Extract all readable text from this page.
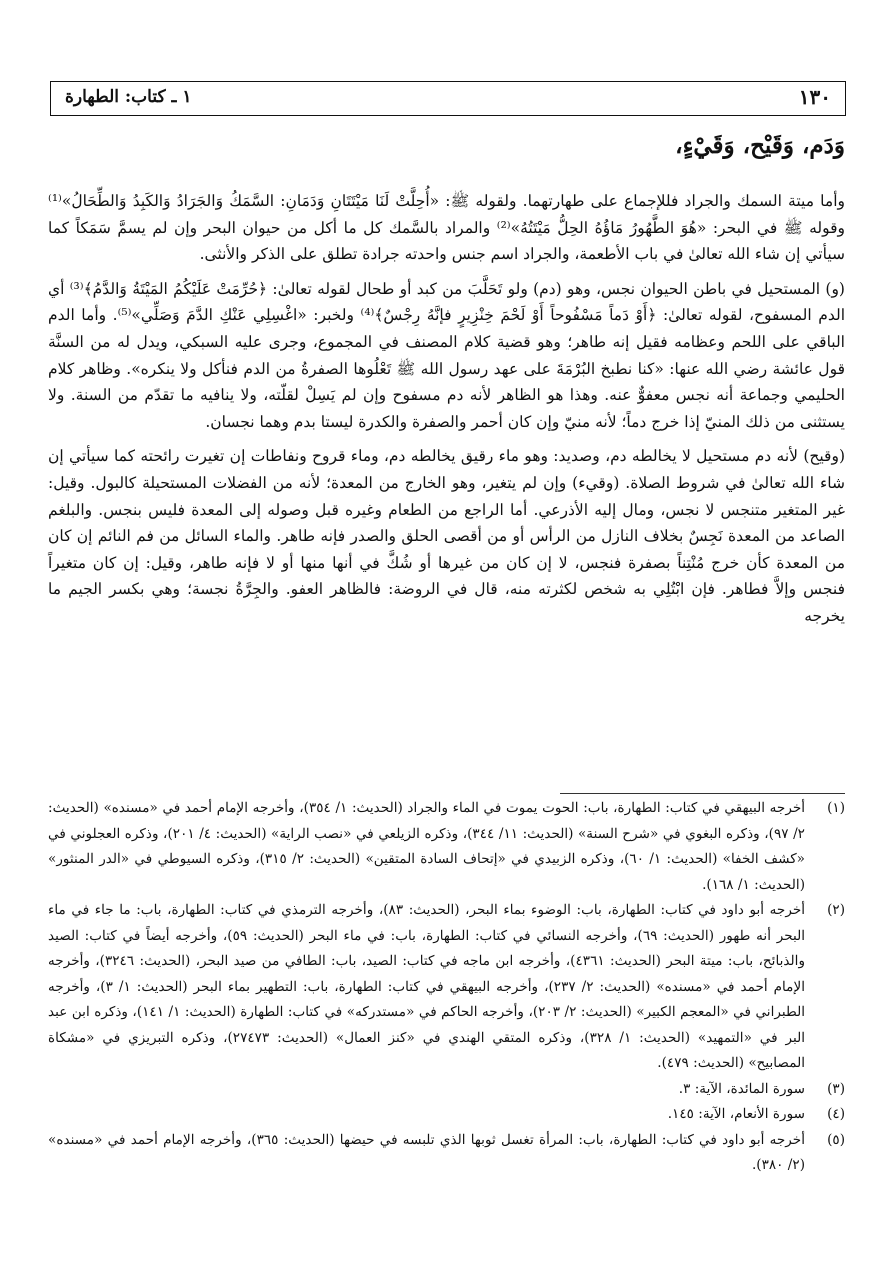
١٣٠
١ ـ كتاب: الطهارة
وَدَم، وَقَيْح، وَقَيْءٍ،

وأما ميتة السمك والجراد فللإجماع على طهارتهما. ولقوله ﷺ: «أُحِلَّتْ لَنَا مَيْتَتَانِ وَدَمَانِ: السَّمَكُ وَالجَرَادُ وَالكَبِدُ وَالطِّحَالُ»⁽¹⁾ وقوله ﷺ في البحر: «هُوَ الطَّهُورُ مَاؤُهُ الحِلُّ مَيْتَتُهُ»⁽²⁾ والمراد بالسَّمك كل ما أكل من حيوان البحر وإن لم يسمَّ سَمَكاً كما سيأتي إن شاء الله تعالىٰ في باب الأطعمة، والجراد اسم جنس واحدته جرادة تطلق على الذكر والأنثى.

(و) المستحيل في باطن الحيوان نجس، وهو (دم) ولو تَحَلَّبَ من كبد أو طحال لقوله تعالىٰ: ﴿حُرِّمَتْ عَلَيْكُمُ المَيْتَةُ وَالدَّمُ﴾⁽³⁾ أي الدم المسفوح، لقوله تعالىٰ: ﴿أَوْ دَماً مَسْفُوحاً أَوْ لَحْمَ خِنْزِيرٍ فإنَّهُ رِجْسٌ﴾⁽⁴⁾ ولخبر: «اغْسِلِي عَنْكِ الدَّمَ وَصَلِّي»⁽⁵⁾. وأما الدم الباقي على اللحم وعظامه فقيل إنه طاهر؛ وهو قضية كلام المصنف في المجموع، وجرى عليه السبكي، ويدل له من السنَّة قول عائشة رضي الله عنها: «كنا نطبخ البُرْمَةَ على عهد رسول الله ﷺ تَعْلُوها الصفرةُ من الدم فنأكل ولا ينكره». وظاهر كلام الحليمي وجماعة أنه نجس معفوٌّ عنه. وهذا هو الظاهر لأنه دم مسفوح وإن لم يَسِلْ لقلّته، ولا ينافيه ما تقدّم من السنة. ولا يستثنى من ذلك المنيّ إذا خرج دماً؛ لأنه منيّ وإن كان أحمر والصفرة والكدرة ليستا بدم وهما نجسان.

(وقيح) لأنه دم مستحيل لا يخالطه دم، وصديد: وهو ماء رقيق يخالطه دم، وماء قروح ونفاطات إن تغيرت رائحته كما سيأتي إن شاء الله تعالىٰ في شروط الصلاة. (وقيء) وإن لم يتغير، وهو الخارج من المعدة؛ لأنه من الفضلات المستحيلة كالبول. وقيل: غير المتغير متنجس لا نجس، ومال إليه الأذرعي. أما الراجع من الطعام وغيره قبل وصوله إلى المعدة فليس بنجس. والبلغم الصاعد من المعدة نَجِسٌ بخلاف النازل من الرأس أو من أقصى الحلق والصدر فإنه طاهر. والماء السائل من فم النائم إن كان من المعدة كأن خرج مُنْتِناً بصفرة فنجس، لا إن كان من غيرها أو شُكَّ في أنها منها أو لا فإنه طاهر، وقيل: إن كان متغيراً فنجس وإلاَّ فطاهر. فإن ابْتُلِي به شخص لكثرته منه، قال في الروضة: فالظاهر العفو. والجِرَّةُ نجسة؛ وهي بكسر الجيم ما يخرجه

(١)
أخرجه البيهقي في كتاب: الطهارة، باب: الحوت يموت في الماء والجراد (الحديث: ١/ ٣٥٤)، وأخرجه الإمام أحمد في «مسنده» (الحديث: ٢/ ٩٧)، وذكره البغوي في «شرح السنة» (الحديث: ١١/ ٣٤٤)، وذكره الزيلعي في «نصب الراية» (الحديث: ٤/ ٢٠١)، وذكره العجلوني في «كشف الخفا» (الحديث: ١/ ٦٠)، وذكره الزبيدي في «إتحاف السادة المتقين» (الحديث: ٢/ ٣١٥)، وذكره السيوطي في «الدر المنثور» (الحديث: ١/ ١٦٨).
(٢)
أخرجه أبو داود في كتاب: الطهارة، باب: الوضوء بماء البحر، (الحديث: ٨٣)، وأخرجه الترمذي في كتاب: الطهارة، باب: ما جاء في ماء البحر أنه طهور (الحديث: ٦٩)، وأخرجه النسائي في كتاب: الطهارة، باب: في ماء البحر (الحديث: ٥٩)، وأخرجه أيضاً في كتاب: الصيد والذبائح، باب: ميتة البحر (الحديث: ٤٣٦١)، وأخرجه ابن ماجه في كتاب: الصيد، باب: الطافي من صيد البحر، (الحديث: ٣٢٤٦)، وأخرجه الإمام أحمد في «مسنده» (الحديث: ٢/ ٢٣٧)، وأخرجه البيهقي في كتاب: الطهارة، باب: التطهير بماء البحر (الحديث: ١/ ٣)، وأخرجه الطبراني في «المعجم الكبير» (الحديث: ٢/ ٢٠٣)، وأخرجه الحاكم في «مستدركه» في كتاب: الطهارة (الحديث: ١/ ١٤١)، وذكره ابن عبد البر في «التمهيد» (الحديث: ١/ ٣٢٨)، وذكره المتقي الهندي في «كنز العمال» (الحديث: ٢٧٤٧٣)، وذكره التبريزي في «مشكاة المصابيح» (الحديث: ٤٧٩).
(٣)
سورة المائدة، الآية: ٣.
(٤)
سورة الأنعام، الآية: ١٤٥.
(٥)
أخرجه أبو داود في كتاب: الطهارة، باب: المرأة تغسل ثوبها الذي تلبسه في حيضها (الحديث: ٣٦٥)، وأخرجه الإمام أحمد في «مسنده» (٢/ ٣٨٠).
